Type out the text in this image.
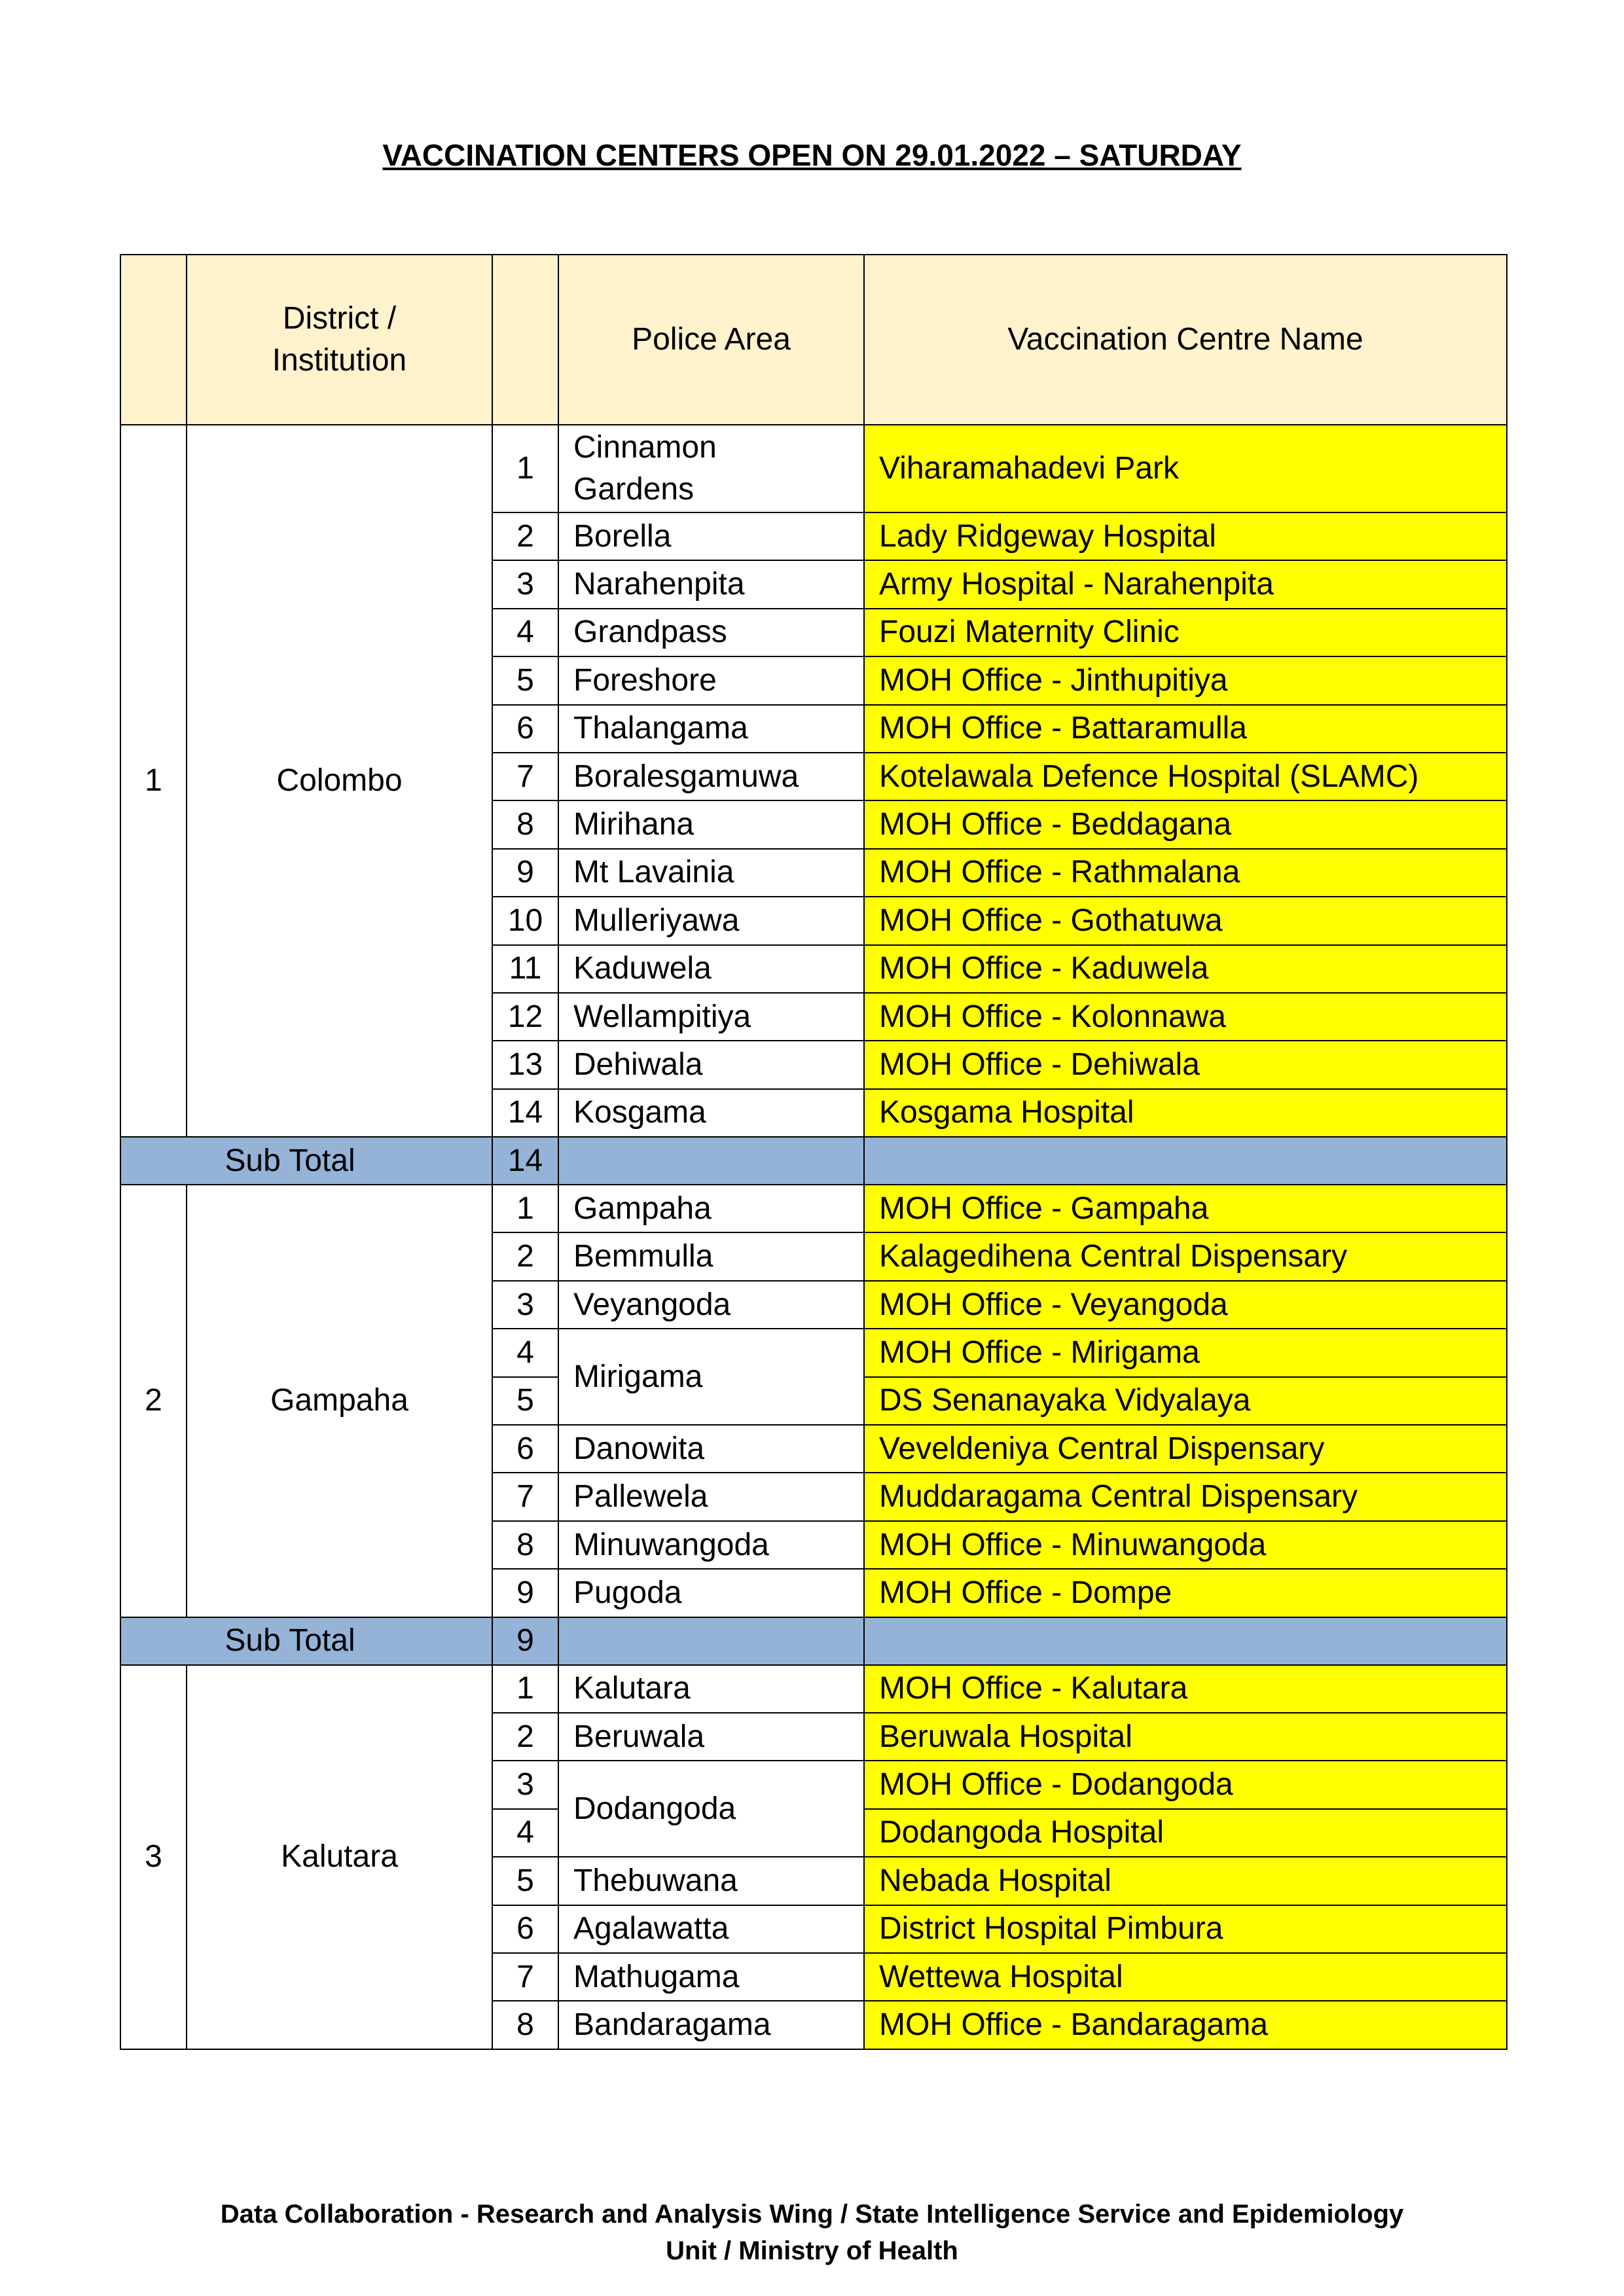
VACCINATION CENTERS OPEN ON 29.01.2022 – SATURDAY
	District / Institution		Police Area	Vaccination Centre Name
1	Colombo	1	Cinnamon Gardens	Viharamahadevi Park
		2	Borella	Lady Ridgeway Hospital
		3	Narahenpita	Army Hospital - Narahenpita
		4	Grandpass	Fouzi Maternity Clinic
		5	Foreshore	MOH Office - Jinthupitiya
		6	Thalangama	MOH Office - Battaramulla
		7	Boralesgamuwa	Kotelawala Defence Hospital (SLAMC)
		8	Mirihana	MOH Office - Beddagana
		9	Mt Lavainia	MOH Office - Rathmalana
		10	Mulleriyawa	MOH Office - Gothatuwa
		11	Kaduwela	MOH Office - Kaduwela
		12	Wellampitiya	MOH Office - Kolonnawa
		13	Dehiwala	MOH Office - Dehiwala
		14	Kosgama	Kosgama Hospital
Sub Total		14		
2	Gampaha	1	Gampaha	MOH Office - Gampaha
		2	Bemmulla	Kalagedihena Central Dispensary
		3	Veyangoda	MOH Office - Veyangoda
		4	Mirigama	MOH Office - Mirigama
		5		DS Senanayaka Vidyalaya
		6	Danowita	Veveldeniya Central Dispensary
		7	Pallewela	Muddaragama Central Dispensary
		8	Minuwangoda	MOH Office - Minuwangoda
		9	Pugoda	MOH Office - Dompe
Sub Total		9		
3	Kalutara	1	Kalutara	MOH Office - Kalutara
		2	Beruwala	Beruwala Hospital
		3	Dodangoda	MOH Office - Dodangoda
		4		Dodangoda Hospital
		5	Thebuwana	Nebada Hospital
		6	Agalawatta	District Hospital Pimbura
		7	Mathugama	Wettewa Hospital
		8	Bandaragama	MOH Office - Bandaragama
Data Collaboration - Research and Analysis Wing / State Intelligence Service and Epidemiology
Unit / Ministry of Health
